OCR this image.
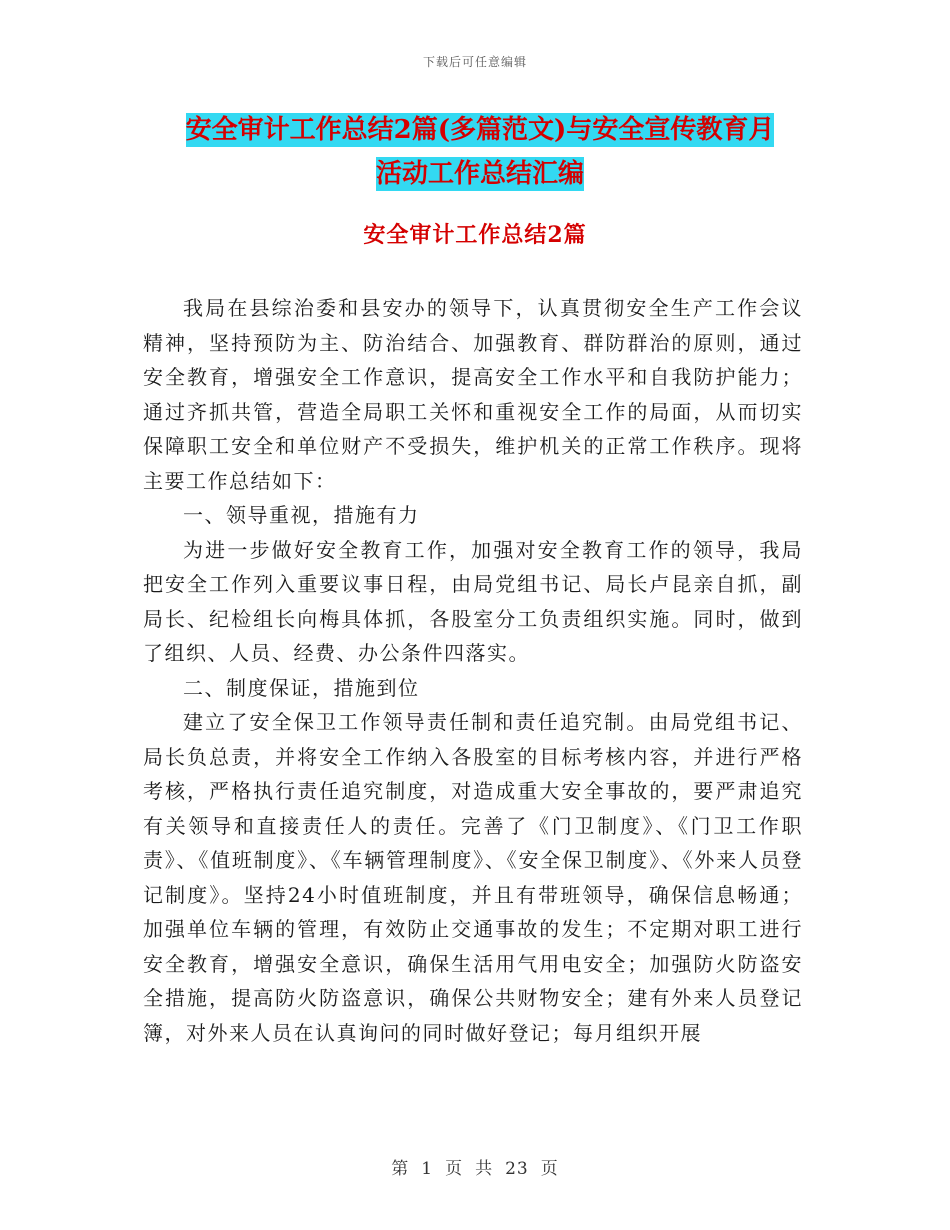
下载后可任意编辑
安全审计工作总结2篇(多篇范文)与安全宣传教育月
活动工作总结汇编
安全审计工作总结2篇

我局在县综治委和县安办的领导下，认真贯彻安全生产工作会议精神，坚持预防为主、防治结合、加强教育、群防群治的原则，通过安全教育，增强安全工作意识，提高安全工作水平和自我防护能力；通过齐抓共管，营造全局职工关怀和重视安全工作的局面，从而切实保障职工安全和单位财产不受损失，维护机关的正常工作秩序。现将主要工作总结如下：

一、领导重视，措施有力

为进一步做好安全教育工作，加强对安全教育工作的领导，我局把安全工作列入重要议事日程，由局党组书记、局长卢昆亲自抓，副局长、纪检组长向梅具体抓，各股室分工负责组织实施。同时，做到了组织、人员、经费、办公条件四落实。

二、制度保证，措施到位

建立了安全保卫工作领导责任制和责任追究制。由局党组书记、局长负总责，并将安全工作纳入各股室的目标考核内容，并进行严格考核，严格执行责任追究制度，对造成重大安全事故的，要严肃追究有关领导和直接责任人的责任。完善了《门卫制度》、《门卫工作职责》、《值班制度》、《车辆管理制度》、《安全保卫制度》、《外来人员登记制度》。坚持24小时值班制度，并且有带班领导，确保信息畅通；加强单位车辆的管理，有效防止交通事故的发生；不定期对职工进行安全教育，增强安全意识，确保生活用气用电安全；加强防火防盗安全措施，提高防火防盗意识，确保公共财物安全；建有外来人员登记簿，对外来人员在认真询问的同时做好登记；每月组织开展

第 1 页 共 23 页
